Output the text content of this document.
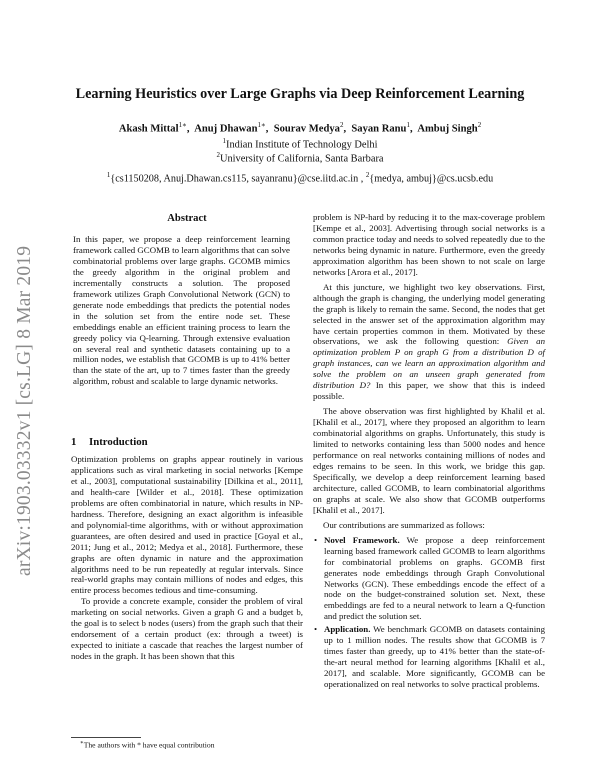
arXiv:1903.03332v1 [cs.LG] 8 Mar 2019
Learning Heuristics over Large Graphs via Deep Reinforcement Learning
Akash Mittal$^{1∗}$,  Anuj Dhawan$^{1∗}$,  Sourav Medya$^2$,  Sayan Ranu$^1$,  Ambuj Singh$^2$
$^1$Indian Institute of Technology Delhi
$^2$University of California, Santa Barbara
$^1${cs1150208, Anuj.Dhawan.cs115, sayanranu}@cse.iitd.ac.in , $^2${medya, ambuj}@cs.ucsb.edu
Abstract
In this paper, we propose a deep reinforcement learning framework called GCOMB to learn algorithms that can solve combinatorial problems over large graphs. GCOMB mimics the greedy algorithm in the original problem and incrementally constructs a solution. The proposed framework utilizes Graph Convolutional Network (GCN) to generate node embeddings that predicts the potential nodes in the solution set from the entire node set. These embeddings enable an efficient training process to learn the greedy policy via Q-learning. Through extensive evaluation on several real and synthetic datasets containing up to a million nodes, we establish that GCOMB is up to 41% better than the state of the art, up to 7 times faster than the greedy algorithm, robust and scalable to large dynamic networks.
1 Introduction

Optimization problems on graphs appear routinely in various applications such as viral marketing in social networks [Kempe et al., 2003], computational sustainability [Dilkina et al., 2011], and health-care [Wilder et al., 2018]. These optimization problems are often combinatorial in nature, which results in NP-hardness. Therefore, designing an exact algorithm is infeasible and polynomial-time algorithms, with or without approximation guarantees, are often desired and used in practice [Goyal et al., 2011; Jung et al., 2012; Medya et al., 2018]. Furthermore, these graphs are often dynamic in nature and the approximation algorithms need to be run repeatedly at regular intervals. Since real-world graphs may contain millions of nodes and edges, this entire process becomes tedious and time-consuming.

To provide a concrete example, consider the problem of viral marketing on social networks. Given a graph G and a budget b, the goal is to select b nodes (users) from the graph such that their endorsement of a certain product (ex: through a tweet) is expected to initiate a cascade that reaches the largest number of nodes in the graph. It has been shown that this

∗The authors with * have equal contribution

problem is NP-hard by reducing it to the max-coverage problem [Kempe et al., 2003]. Advertising through social networks is a common practice today and needs to solved repeatedly due to the networks being dynamic in nature. Furthermore, even the greedy approximation algorithm has been shown to not scale on large networks [Arora et al., 2017].

At this juncture, we highlight two key observations. First, although the graph is changing, the underlying model generating the graph is likely to remain the same. Second, the nodes that get selected in the answer set of the approximation algorithm may have certain properties common in them. Motivated by these observations, we ask the following question: Given an optimization problem P on graph G from a distribution D of graph instances, can we learn an approximation algorithm and solve the problem on an unseen graph generated from distribution D? In this paper, we show that this is indeed possible.

The above observation was first highlighted by Khalil et al. [Khalil et al., 2017], where they proposed an algorithm to learn combinatorial algorithms on graphs. Unfortunately, this study is limited to networks containing less than 5000 nodes and hence performance on real networks containing millions of nodes and edges remains to be seen. In this work, we bridge this gap. Specifically, we develop a deep reinforcement learning based architecture, called GCOMB, to learn combinatorial algorithms on graphs at scale. We also show that GCOMB outperforms [Khalil et al., 2017].

Our contributions are summarized as follows:

• Novel Framework. We propose a deep reinforcement learning based framework called GCOMB to learn algorithms for combinatorial problems on graphs. GCOMB first generates node embeddings through Graph Convolutional Networks (GCN). These embeddings encode the effect of a node on the budget-constrained solution set. Next, these embeddings are fed to a neural network to learn a Q-function and predict the solution set.
• Application. We benchmark GCOMB on datasets containing up to 1 million nodes. The results show that GCOMB is 7 times faster than greedy, up to 41% better than the state-of-the-art neural method for learning algorithms [Khalil et al., 2017], and scalable. More significantly, GCOMB can be operationalized on real networks to solve practical problems.
